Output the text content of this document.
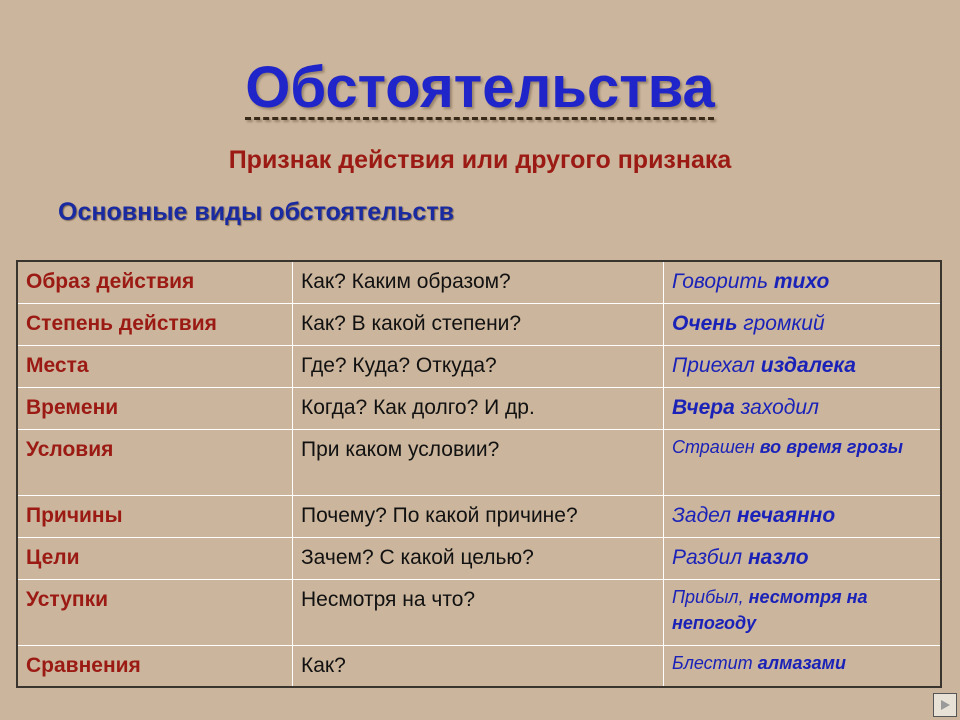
Обстоятельства

Признак действия или другого признака

Основные виды обстоятельств

Образ действия	Как? Каким образом?	Говорить тихо
Степень действия	Как? В какой степени?	Очень громкий
Места	Где? Куда? Откуда?	Приехал издалека
Времени	Когда? Как долго? И др.	Вчера заходил
Условия	При каком условии?	Страшен во время грозы
Причины	Почему? По какой причине?	Задел нечаянно
Цели	Зачем? С какой целью?	Разбил назло
Уступки	Несмотря на что?	Прибыл, несмотря на непогоду
Сравнения	Как?	Блестит алмазами
